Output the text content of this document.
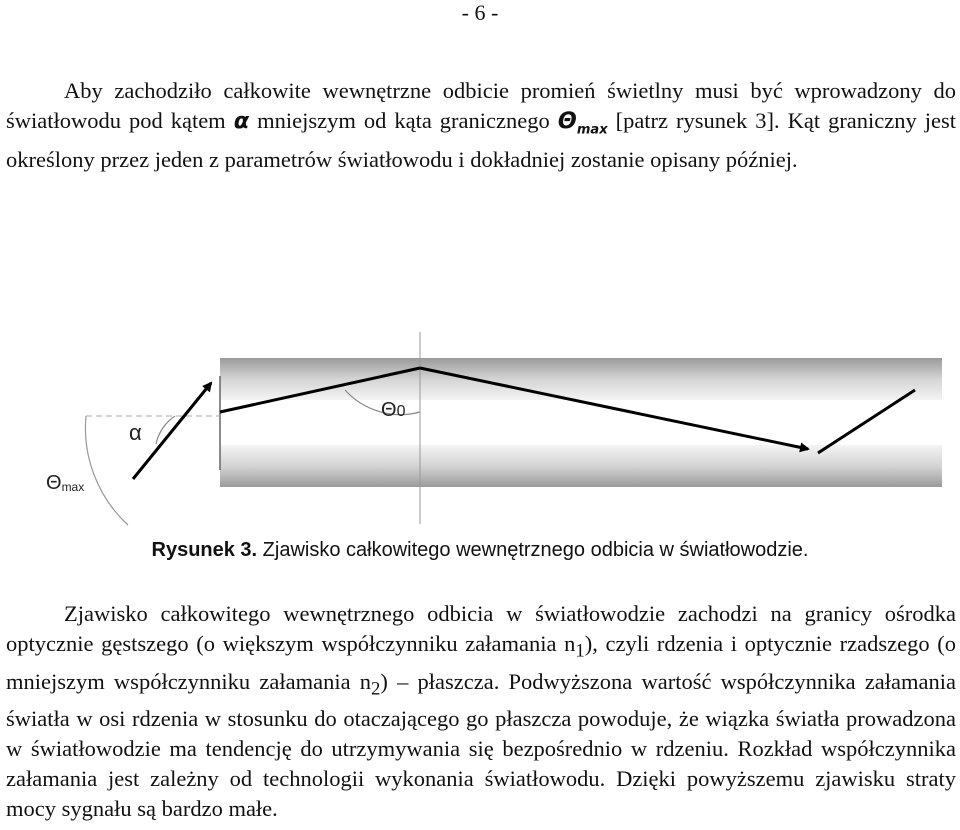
- 6 -

Aby zachodziło całkowite wewnętrzne odbicie promień świetlny musi być wprowadzony do światłowodu pod kątem α mniejszym od kąta granicznego $\Theta_{max}$ [patrz rysunek 3]. Kąt graniczny jest określony przez jeden z parametrów światłowodu i dokładniej zostanie opisany później.

α
Θ0
Θmax
Rysunek 3. Zjawisko całkowitego wewnętrznego odbicia w światłowodzie.

Zjawisko całkowitego wewnętrznego odbicia w światłowodzie zachodzi na granicy ośrodka optycznie gęstszego (o większym współczynniku załamania $n_1$), czyli rdzenia i optycznie rzadszego (o mniejszym współczynniku załamania $n_2$) – płaszcza. Podwyższona wartość współczynnika załamania światła w osi rdzenia w stosunku do otaczającego go płaszcza powoduje, że wiązka światła prowadzona w światłowodzie ma tendencję do utrzymywania się bezpośrednio w rdzeniu. Rozkład współczynnika załamania jest zależny od technologii wykonania światłowodu. Dzięki powyższemu zjawisku straty mocy sygnału są bardzo małe.
